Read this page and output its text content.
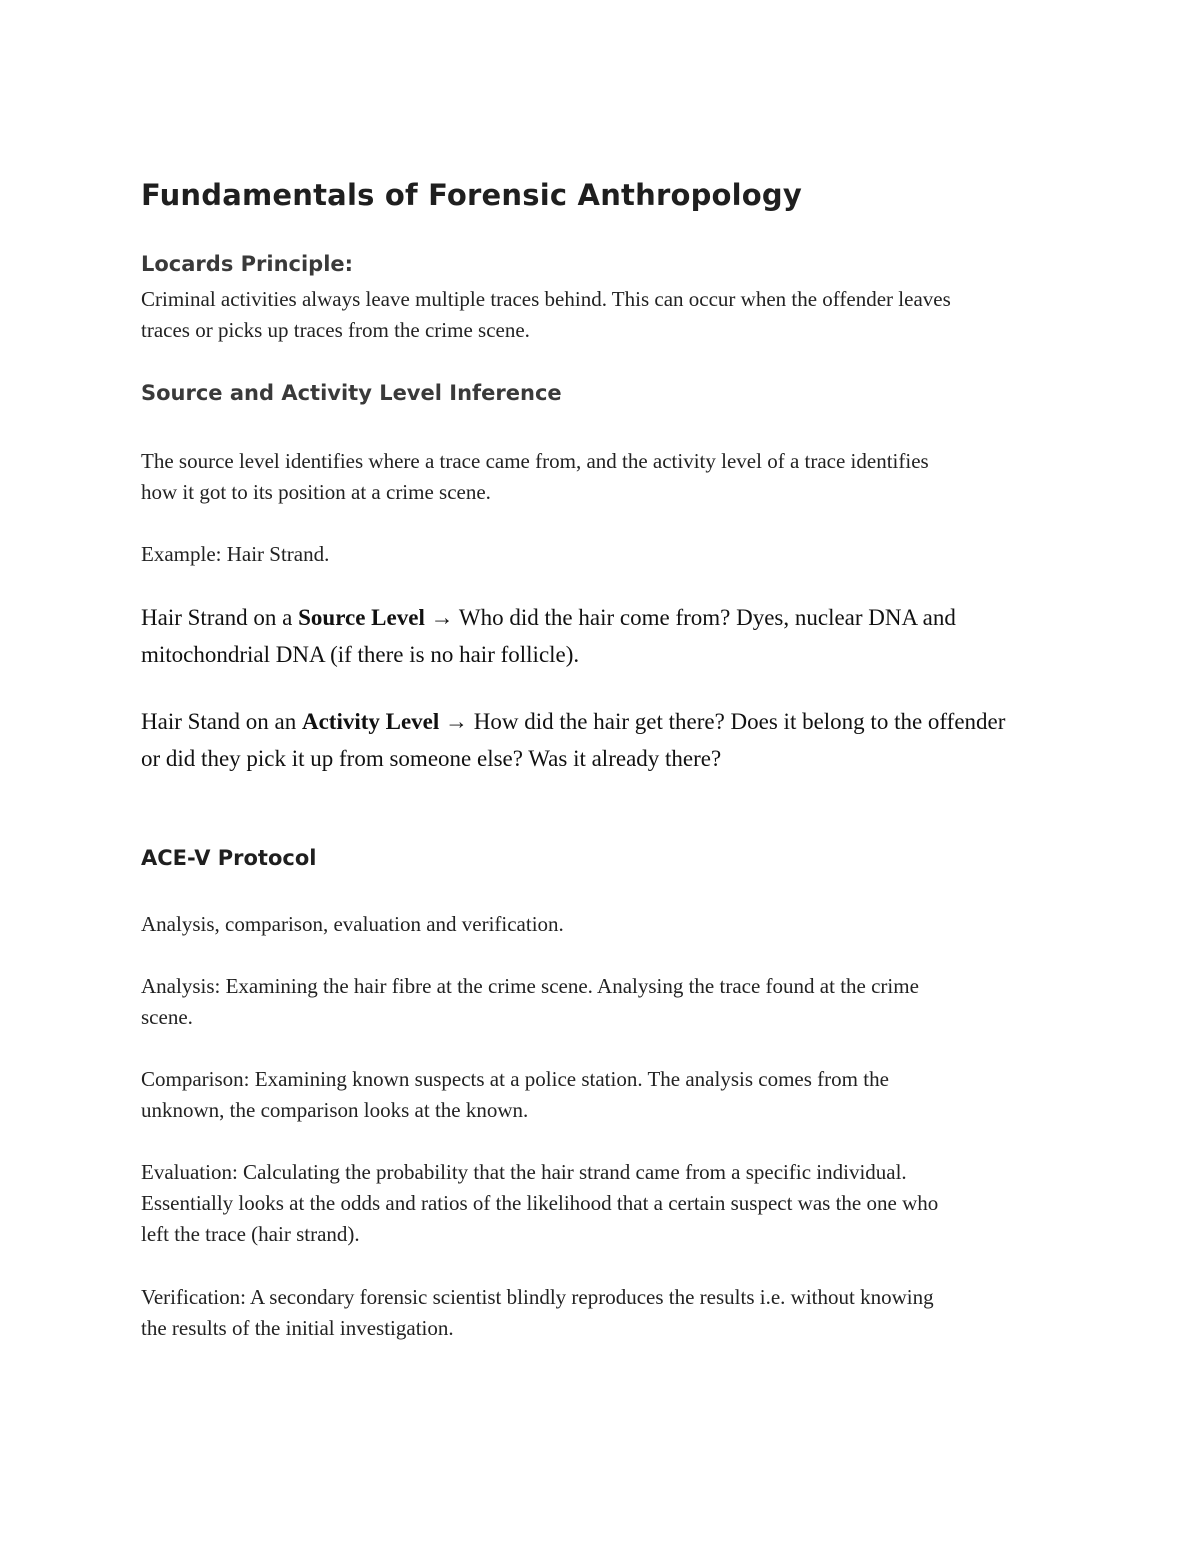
Fundamentals of Forensic Anthropology
Locards Principle:

Criminal activities always leave multiple traces behind. This can occur when the offender leaves
traces or picks up traces from the crime scene.

Source and Activity Level Inference

The source level identifies where a trace came from, and the activity level of a trace identifies
how it got to its position at a crime scene.

Example: Hair Strand.

Hair Strand on a Source Level → Who did the hair come from? Dyes, nuclear DNA and
mitochondrial DNA (if there is no hair follicle).

Hair Stand on an Activity Level → How did the hair get there? Does it belong to the offender
or did they pick it up from someone else? Was it already there?

ACE-V Protocol

Analysis, comparison, evaluation and verification.

Analysis: Examining the hair fibre at the crime scene. Analysing the trace found at the crime
scene.

Comparison: Examining known suspects at a police station. The analysis comes from the
unknown, the comparison looks at the known.

Evaluation: Calculating the probability that the hair strand came from a specific individual.
Essentially looks at the odds and ratios of the likelihood that a certain suspect was the one who
left the trace (hair strand).

Verification: A secondary forensic scientist blindly reproduces the results i.e. without knowing
the results of the initial investigation.
